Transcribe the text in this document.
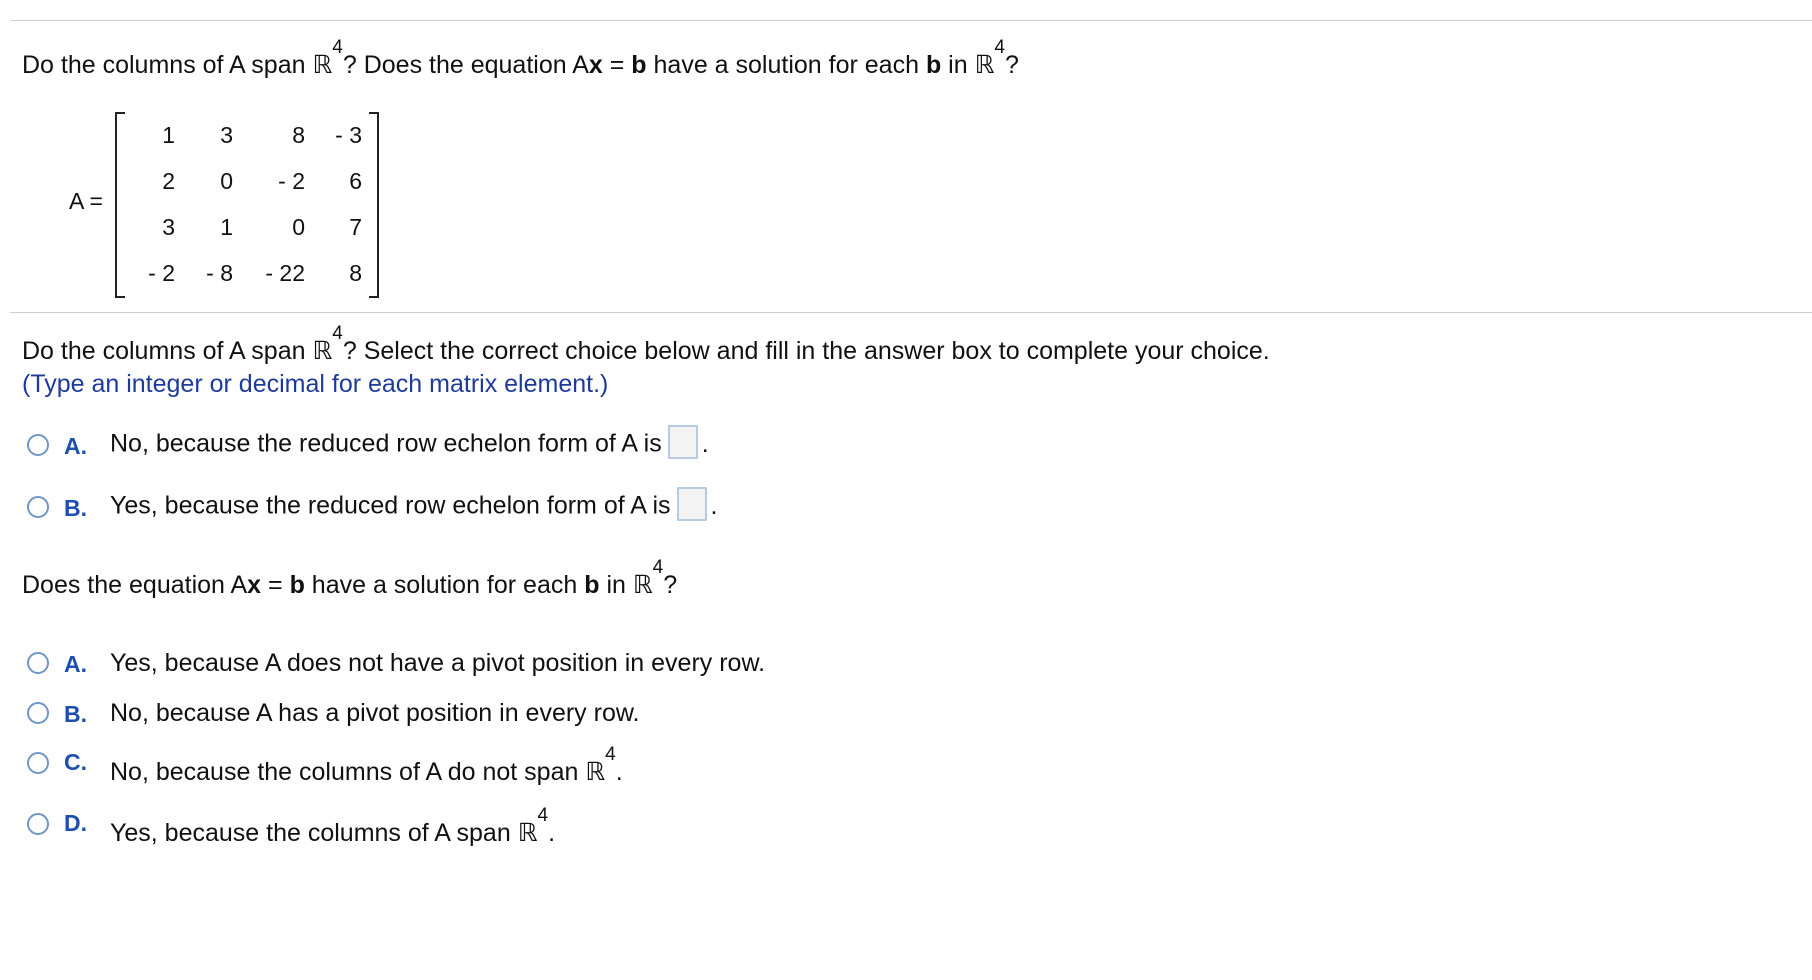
Do the columns of A span ℝ$^4$? Does the equation Ax = b have a solution for each b in ℝ$^4$?
A =
1	3	8	- 3
2	0	- 2	6
3	1	0	7
- 2	- 8	- 22	8
Do the columns of A span ℝ$^4$? Select the correct choice below and fill in the answer box to complete your choice.
(Type an integer or decimal for each matrix element.)
A. No, because the reduced row echelon form of A is .
B. Yes, because the reduced row echelon form of A is .
Does the equation Ax = b have a solution for each b in ℝ$^4$?
A. Yes, because A does not have a pivot position in every row.
B. No, because A has a pivot position in every row.
C. No, because the columns of A do not span ℝ$^4$.
D. Yes, because the columns of A span ℝ$^4$.
